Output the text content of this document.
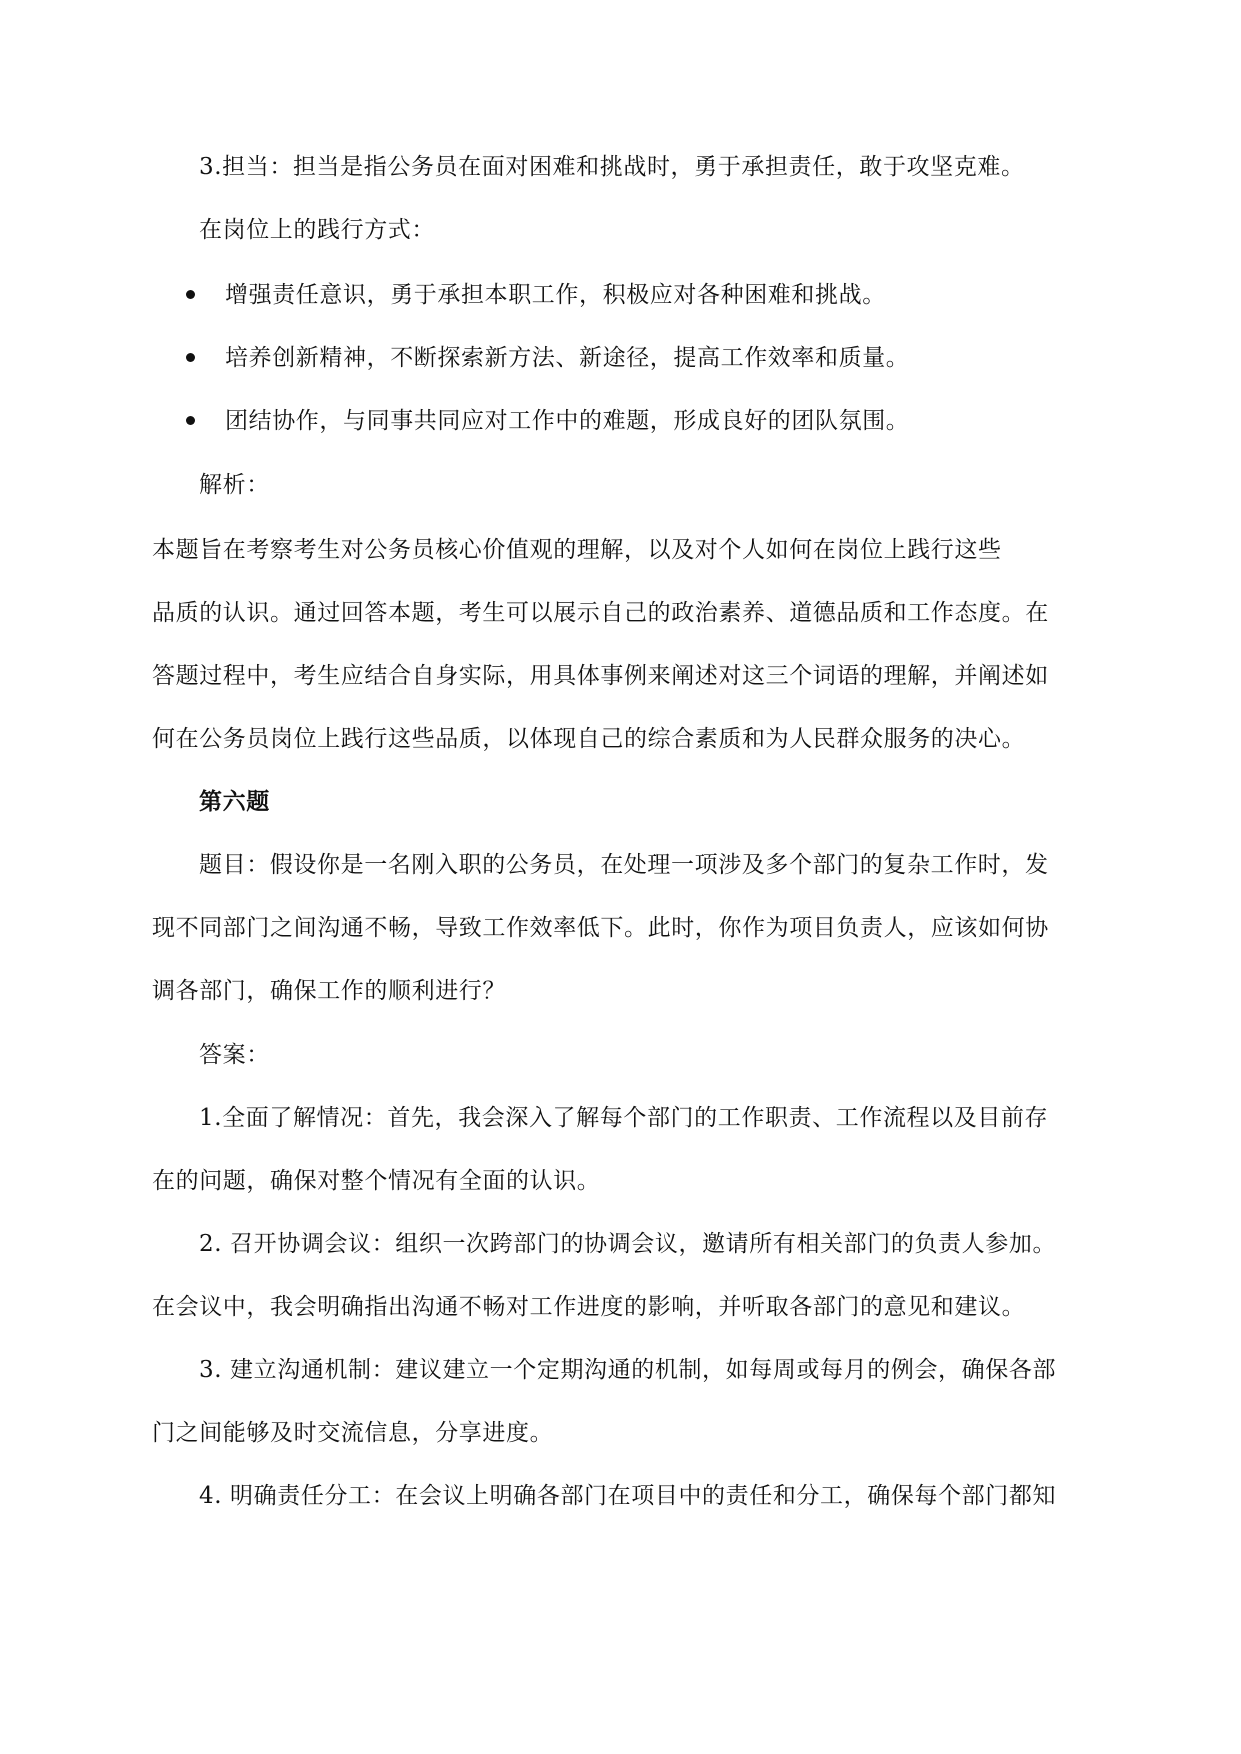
3.担当：担当是指公务员在面对困难和挑战时，勇于承担责任，敢于攻坚克难。
在岗位上的践行方式：
增强责任意识，勇于承担本职工作，积极应对各种困难和挑战。
培养创新精神，不断探索新方法、新途径，提高工作效率和质量。
团结协作，与同事共同应对工作中的难题，形成良好的团队氛围。
解析：
本题旨在考察考生对公务员核心价值观的理解，以及对个人如何在岗位上践行这些
品质的认识。通过回答本题，考生可以展示自己的政治素养、道德品质和工作态度。在
答题过程中，考生应结合自身实际，用具体事例来阐述对这三个词语的理解，并阐述如
何在公务员岗位上践行这些品质，以体现自己的综合素质和为人民群众服务的决心。
第六题
题目：假设你是一名刚入职的公务员，在处理一项涉及多个部门的复杂工作时，发
现不同部门之间沟通不畅，导致工作效率低下。此时，你作为项目负责人，应该如何协
调各部门，确保工作的顺利进行？
答案：
1.全面了解情况：首先，我会深入了解每个部门的工作职责、工作流程以及目前存
在的问题，确保对整个情况有全面的认识。
2. 召开协调会议：组织一次跨部门的协调会议，邀请所有相关部门的负责人参加。
在会议中，我会明确指出沟通不畅对工作进度的影响，并听取各部门的意见和建议。
3. 建立沟通机制：建议建立一个定期沟通的机制，如每周或每月的例会，确保各部
门之间能够及时交流信息，分享进度。
4. 明确责任分工：在会议上明确各部门在项目中的责任和分工，确保每个部门都知
